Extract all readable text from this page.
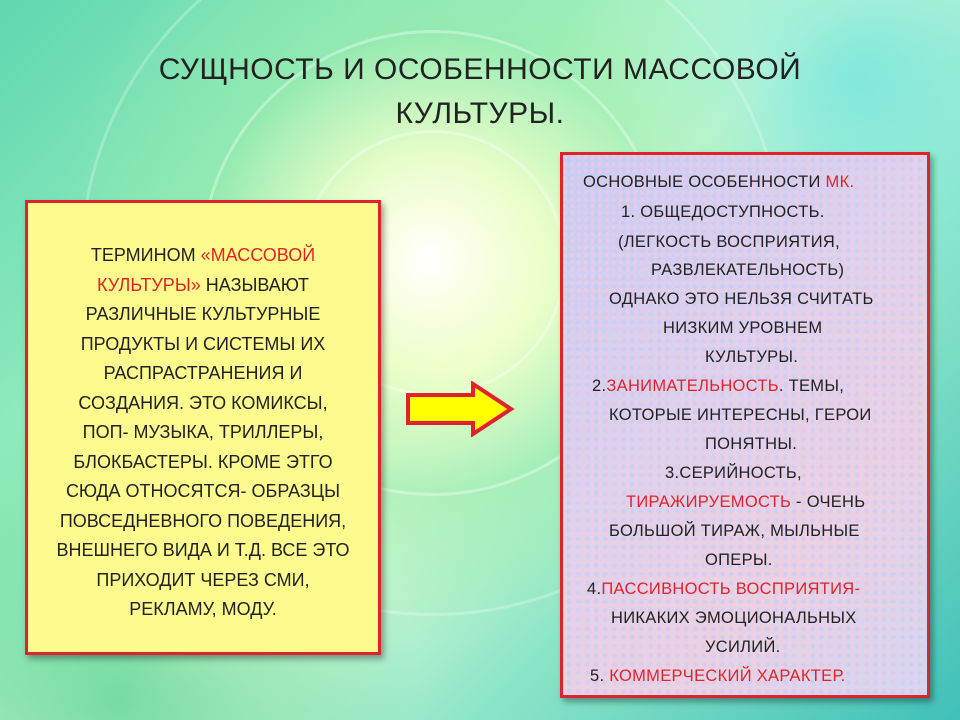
СУЩНОСТЬ И ОСОБЕННОСТИ МАССОВОЙ
КУЛЬТУРЫ.
ТЕРМИНОМ «МАССОВОЙ
КУЛЬТУРЫ» НАЗЫВАЮТ
РАЗЛИЧНЫЕ КУЛЬТУРНЫЕ
ПРОДУКТЫ И СИСТЕМЫ ИХ
РАСПРАСТРАНЕНИЯ И
СОЗДАНИЯ. ЭТО КОМИКСЫ,
ПОП- МУЗЫКА, ТРИЛЛЕРЫ,
БЛОКБАСТЕРЫ. КРОМЕ ЭТГО
СЮДА ОТНОСЯТСЯ- ОБРАЗЦЫ
ПОВСЕДНЕВНОГО ПОВЕДЕНИЯ,
ВНЕШНЕГО ВИДА И Т.Д. ВСЕ ЭТО
ПРИХОДИТ ЧЕРЕЗ СМИ,
РЕКЛАМУ, МОДУ.
ОСНОВНЫЕ ОСОБЕННОСТИ МК.
1. ОБЩЕДОСТУПНОСТЬ.
(ЛЕГКОСТЬ ВОСПРИЯТИЯ,
РАЗВЛЕКАТЕЛЬНОСТЬ)
ОДНАКО ЭТО НЕЛЬЗЯ СЧИТАТЬ
НИЗКИМ УРОВНЕМ
КУЛЬТУРЫ.
2.ЗАНИМАТЕЛЬНОСТЬ. ТЕМЫ,
КОТОРЫЕ ИНТЕРЕСНЫ, ГЕРОИ
ПОНЯТНЫ.
3.СЕРИЙНОСТЬ,
ТИРАЖИРУЕМОСТЬ - ОЧЕНЬ
БОЛЬШОЙ ТИРАЖ, МЫЛЬНЫЕ
ОПЕРЫ.
4.ПАССИВНОСТЬ ВОСПРИЯТИЯ-
НИКАКИХ ЭМОЦИОНАЛЬНЫХ
УСИЛИЙ.
5. КОММЕРЧЕСКИЙ ХАРАКТЕР.
